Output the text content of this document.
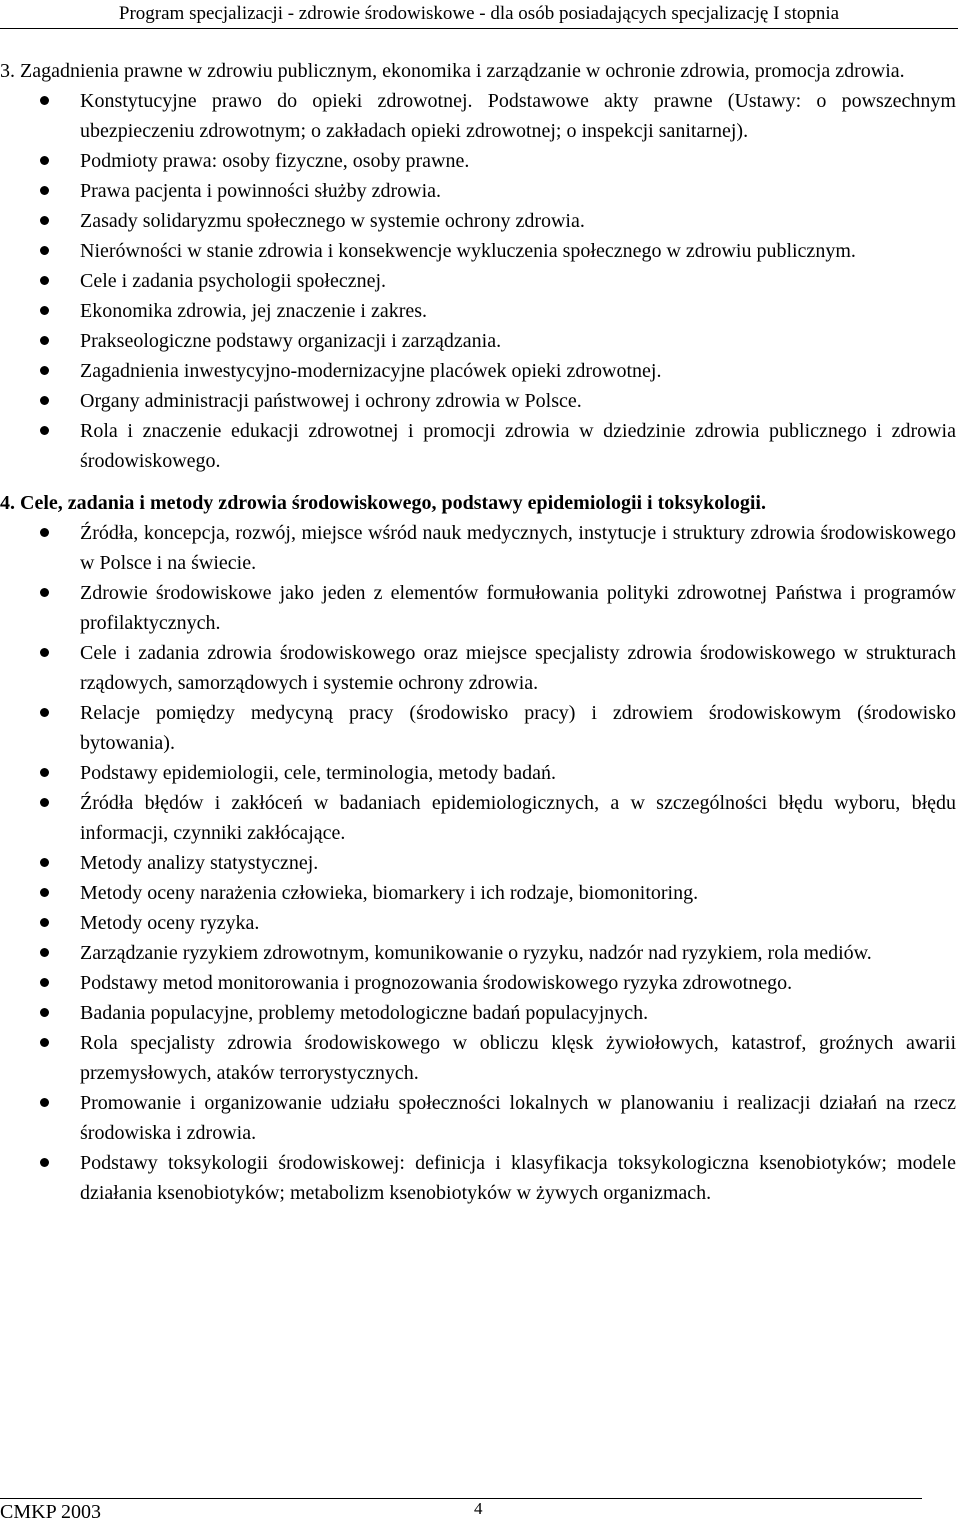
Program specjalizacji - zdrowie środowiskowe - dla osób posiadających specjalizację I stopnia

3. Zagadnienia prawne w zdrowiu publicznym, ekonomika i zarządzanie w ochronie zdrowia, promocja zdrowia.

Konstytucyjne prawo do opieki zdrowotnej. Podstawowe akty prawne (Ustawy: o powszechnym ubezpieczeniu zdrowotnym; o zakładach opieki zdrowotnej; o inspekcji sanitarnej).
Podmioty prawa: osoby fizyczne, osoby prawne.
Prawa pacjenta i powinności służby zdrowia.
Zasady solidaryzmu społecznego w systemie ochrony zdrowia.
Nierówności w stanie zdrowia i konsekwencje wykluczenia społecznego w zdrowiu publicznym.
Cele i zadania psychologii społecznej.
Ekonomika zdrowia, jej znaczenie i zakres.
Prakseologiczne podstawy organizacji i zarządzania.
Zagadnienia inwestycyjno-modernizacyjne placówek opieki zdrowotnej.
Organy administracji państwowej i ochrony zdrowia w Polsce.
Rola i znaczenie edukacji zdrowotnej i promocji zdrowia w dziedzinie zdrowia publicznego i zdrowia środowiskowego.

4. Cele, zadania i metody zdrowia środowiskowego, podstawy epidemiologii i toksykologii.

Źródła, koncepcja, rozwój, miejsce wśród nauk medycznych, instytucje i struktury zdrowia środowiskowego w Polsce i na świecie.
Zdrowie środowiskowe jako jeden z elementów formułowania polityki zdrowotnej Państwa i programów profilaktycznych.
Cele i zadania zdrowia środowiskowego oraz miejsce specjalisty zdrowia środowiskowego w strukturach rządowych, samorządowych i systemie ochrony zdrowia.
Relacje pomiędzy medycyną pracy (środowisko pracy) i zdrowiem środowiskowym (środowisko bytowania).
Podstawy epidemiologii, cele, terminologia, metody badań.
Źródła błędów i zakłóceń w badaniach epidemiologicznych, a w szczególności błędu wyboru, błędu informacji, czynniki zakłócające.
Metody analizy statystycznej.
Metody oceny narażenia człowieka, biomarkery i ich rodzaje, biomonitoring.
Metody oceny ryzyka.
Zarządzanie ryzykiem zdrowotnym, komunikowanie o ryzyku, nadzór nad ryzykiem, rola mediów.
Podstawy metod monitorowania i prognozowania środowiskowego ryzyka zdrowotnego.
Badania populacyjne, problemy metodologiczne badań populacyjnych.
Rola specjalisty zdrowia środowiskowego w obliczu klęsk żywiołowych, katastrof, groźnych awarii przemysłowych, ataków terrorystycznych.
Promowanie i organizowanie udziału społeczności lokalnych w planowaniu i realizacji działań na rzecz środowiska i zdrowia.
Podstawy toksykologii środowiskowej: definicja i klasyfikacja toksykologiczna ksenobiotyków; modele działania ksenobiotyków; metabolizm ksenobiotyków w żywych organizmach.
CMKP 2003	4
